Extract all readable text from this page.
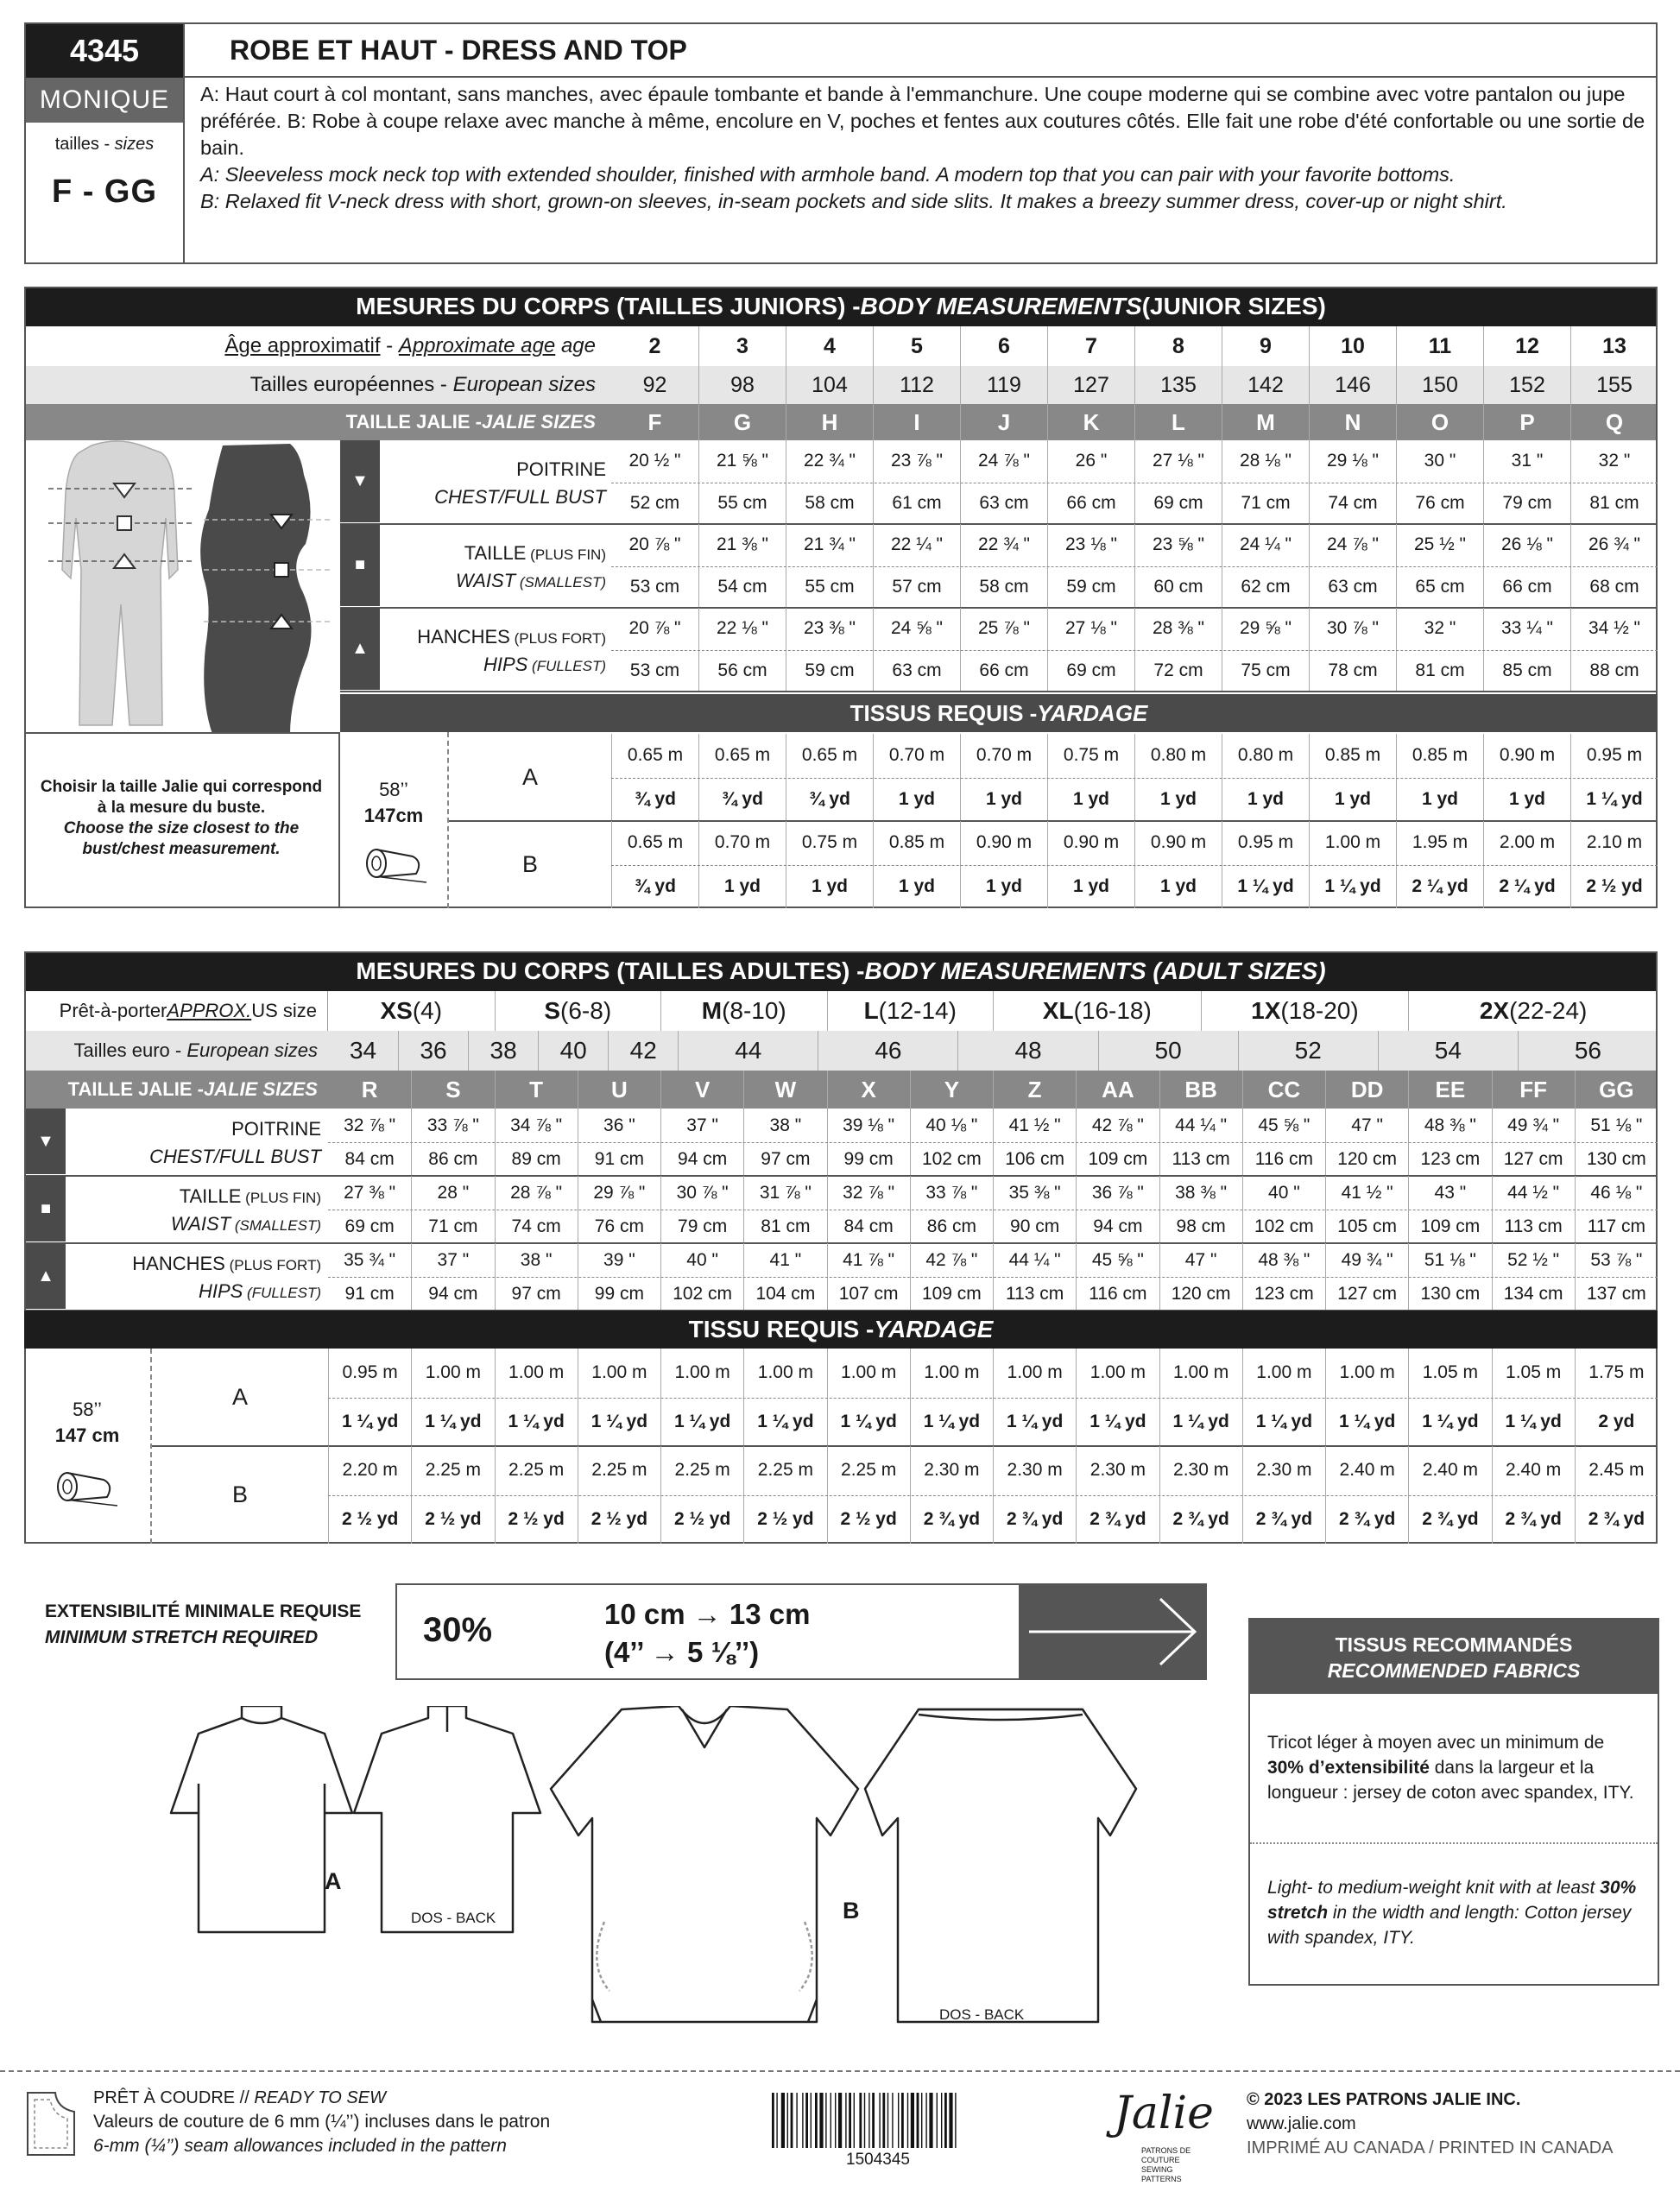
4345
MONIQUE
tailles - sizes
F - GG
ROBE ET HAUT - DRESS AND TOP
A: Haut court à col montant, sans manches, avec épaule tombante et bande à l'emmanchure. Une coupe moderne qui se combine avec votre pantalon ou jupe préférée. B: Robe à coupe relaxe avec manche à même, encolure en V, poches et fentes aux coutures côtés. Elle fait une robe d'été confortable ou une sortie de bain.
A: Sleeveless mock neck top with extended shoulder, finished with armhole band. A modern top that you can pair with your favorite bottoms.
B: Relaxed fit V-neck dress with short, grown-on sleeves, in-seam pockets and side slits. It makes a breezy summer dress, cover-up or night shirt.
MESURES DU CORPS (TAILLES JUNIORS) - BODY MEASUREMENTS (JUNIOR SIZES)
Âge approximatif - Approximate age
age	2	3	4	5	6	7	8	9	10	11	12	13
Tailles européennes - European sizes	92	98	104	112	119	127	135	142	146	150	152	155
TAILLE JALIE - JALIE SIZES	F	G	H	I	J	K	L	M	N	O	P	Q
▼
POITRINE
CHEST/FULL BUST
20 ½ "	21 ⅝ "	22 ¾ "	23 ⅞ "	24 ⅞ "	26 "	27 ⅛ "	28 ⅛ "	29 ⅛ "	30 "	31 "	32 "
52 cm	55 cm	58 cm	61 cm	63 cm	66 cm	69 cm	71 cm	74 cm	76 cm	79 cm	81 cm
■
TAILLE (PLUS FIN)
WAIST (SMALLEST)
20 ⅞ "	21 ⅜ "	21 ¾ "	22 ¼ "	22 ¾ "	23 ⅛ "	23 ⅝ "	24 ¼ "	24 ⅞ "	25 ½ "	26 ⅛ "	26 ¾ "
53 cm	54 cm	55 cm	57 cm	58 cm	59 cm	60 cm	62 cm	63 cm	65 cm	66 cm	68 cm
▲
HANCHES (PLUS FORT)
HIPS (FULLEST)
20 ⅞ "	22 ⅛ "	23 ⅜ "	24 ⅝ "	25 ⅞ "	27 ⅛ "	28 ⅜ "	29 ⅝ "	30 ⅞ "	32 "	33 ¼ "	34 ½ "
53 cm	56 cm	59 cm	63 cm	66 cm	69 cm	72 cm	75 cm	78 cm	81 cm	85 cm	88 cm
TISSUS REQUIS - YARDAGE
Choisir la taille Jalie qui correspond à la mesure du buste.
Choose the size closest to the bust/chest measurement.
58’’
147cm
A
0.65 m	0.65 m	0.65 m	0.70 m	0.70 m	0.75 m	0.80 m	0.80 m	0.85 m	0.85 m	0.90 m	0.95 m
¾ yd	¾ yd	¾ yd	1 yd	1 yd	1 yd	1 yd	1 yd	1 yd	1 yd	1 yd	1 ¼ yd
B
0.65 m	0.70 m	0.75 m	0.85 m	0.90 m	0.90 m	0.90 m	0.95 m	1.00 m	1.95 m	2.00 m	2.10 m
¾ yd	1 yd	1 yd	1 yd	1 yd	1 yd	1 yd	1 ¼ yd	1 ¼ yd	2 ¼ yd	2 ¼ yd	2 ½ yd
MESURES DU CORPS (TAILLES ADULTES) - BODY MEASUREMENTS (ADULT SIZES)
Prêt-à-porter APPROX. US size	XS (4)	S (6-8)	M (8-10)	L (12-14)	XL (16-18)	1X (18-20)	2X (22-24)
Tailles euro - European sizes	34	36	38	40	42	44	46	48	50	52	54	56
TAILLE JALIE - JALIE SIZES	R	S	T	U	V	W	X	Y	Z	AA	BB	CC	DD	EE	FF	GG
▼
POITRINE
CHEST/FULL BUST
32 ⅞ "	33 ⅞ "	34 ⅞ "	36 "	37 "	38 "	39 ⅛ "	40 ⅛ "	41 ½ "	42 ⅞ "	44 ¼ "	45 ⅝ "	47 "	48 ⅜ "	49 ¾ "	51 ⅛ "
84 cm	86 cm	89 cm	91 cm	94 cm	97 cm	99 cm	102 cm	106 cm	109 cm	113 cm	116 cm	120 cm	123 cm	127 cm	130 cm
■
TAILLE (PLUS FIN)
WAIST (SMALLEST)
27 ⅜ "	28 "	28 ⅞ "	29 ⅞ "	30 ⅞ "	31 ⅞ "	32 ⅞ "	33 ⅞ "	35 ⅜ "	36 ⅞ "	38 ⅜ "	40 "	41 ½ "	43 "	44 ½ "	46 ⅛ "
69 cm	71 cm	74 cm	76 cm	79 cm	81 cm	84 cm	86 cm	90 cm	94 cm	98 cm	102 cm	105 cm	109 cm	113 cm	117 cm
▲
HANCHES (PLUS FORT)
HIPS (FULLEST)
35 ¾ "	37 "	38 "	39 "	40 "	41 "	41 ⅞ "	42 ⅞ "	44 ¼ "	45 ⅝ "	47 "	48 ⅜ "	49 ¾ "	51 ⅛ "	52 ½ "	53 ⅞ "
91 cm	94 cm	97 cm	99 cm	102 cm	104 cm	107 cm	109 cm	113 cm	116 cm	120 cm	123 cm	127 cm	130 cm	134 cm	137 cm
TISSU REQUIS - YARDAGE
58’’
147 cm
A
0.95 m	1.00 m	1.00 m	1.00 m	1.00 m	1.00 m	1.00 m	1.00 m	1.00 m	1.00 m	1.00 m	1.00 m	1.00 m	1.05 m	1.05 m	1.75 m
1 ¼ yd	1 ¼ yd	1 ¼ yd	1 ¼ yd	1 ¼ yd	1 ¼ yd	1 ¼ yd	1 ¼ yd	1 ¼ yd	1 ¼ yd	1 ¼ yd	1 ¼ yd	1 ¼ yd	1 ¼ yd	1 ¼ yd	2 yd
B
2.20 m	2.25 m	2.25 m	2.25 m	2.25 m	2.25 m	2.25 m	2.30 m	2.30 m	2.30 m	2.30 m	2.30 m	2.40 m	2.40 m	2.40 m	2.45 m
2 ½ yd	2 ½ yd	2 ½ yd	2 ½ yd	2 ½ yd	2 ½ yd	2 ½ yd	2 ¾ yd	2 ¾ yd	2 ¾ yd	2 ¾ yd	2 ¾ yd	2 ¾ yd	2 ¾ yd	2 ¾ yd	2 ¾ yd
EXTENSIBILITÉ MINIMALE REQUISE
MINIMUM STRETCH REQUIRED	30%	10 cm → 13 cm
(4’’ → 5 ⅛’’)
A
DOS - BACK	B
DOS - BACK
TISSUS RECOMMANDÉS
RECOMMENDED FABRICS
Tricot léger à moyen avec un minimum de 30% d’extensibilité dans la largeur et la longueur : jersey de coton avec spandex, ITY.
Light- to medium-weight knit with at least 30% stretch in the width and length: Cotton jersey with spandex, ITY.
PRÊT À COUDRE // READY TO SEW
Valeurs de couture de 6 mm (¼’’) incluses dans le patron
6-mm (¼’’) seam allowances included in the pattern
1504345
Jalie
PATRONS DE COUTURE SEWING PATTERNS
© 2023 LES PATRONS JALIE INC.
www.jalie.com
IMPRIMÉ AU CANADA / PRINTED IN CANADA
